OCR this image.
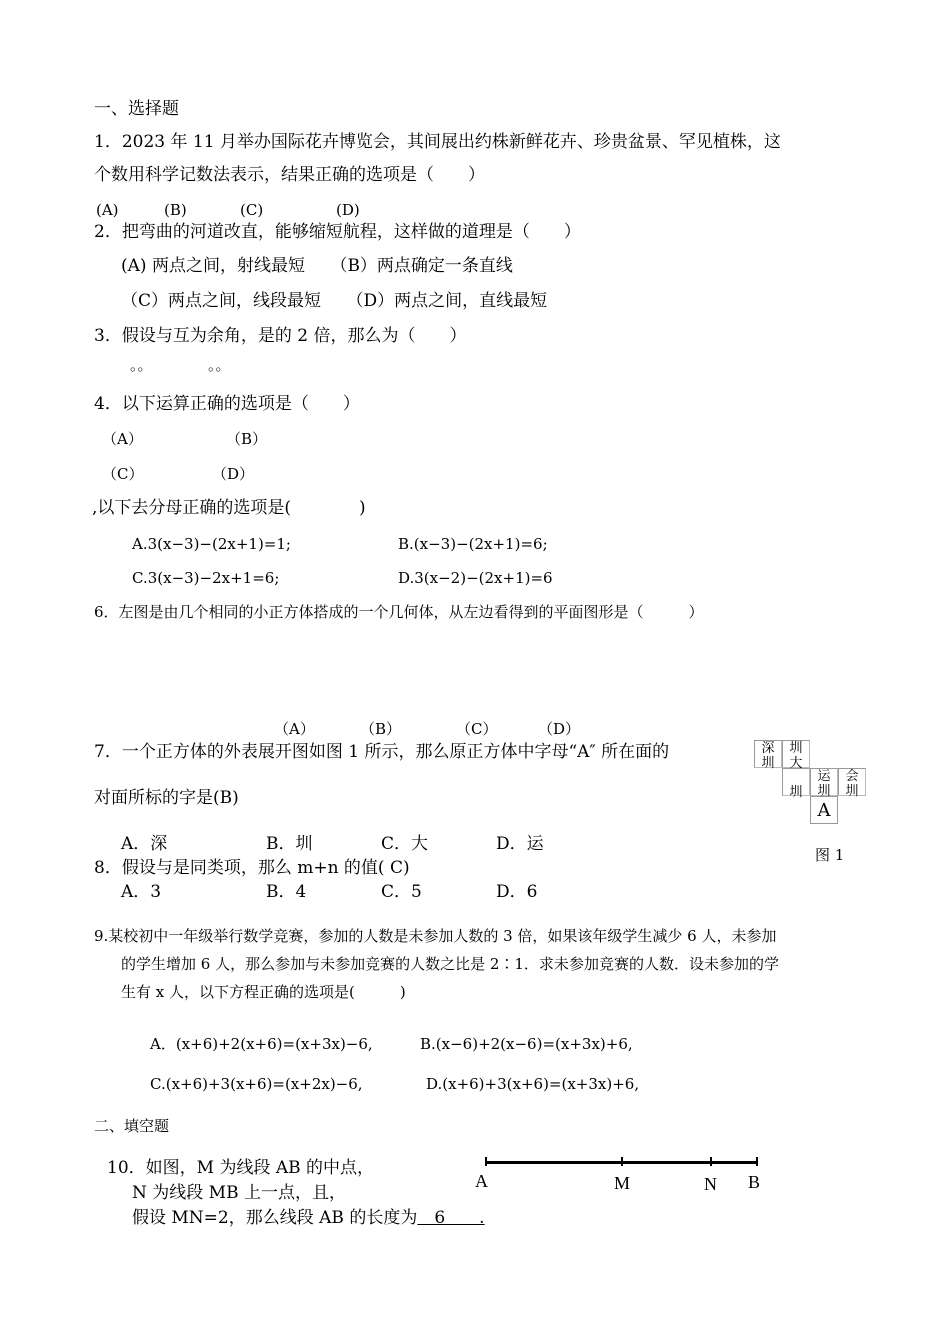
一、选择题
1．2023 年 11 月举办国际花卉博览会，其间展出约株新鲜花卉、珍贵盆景、罕见植株，这
个数用科学记数法表示，结果正确的选项是（　　）
(A)	(B)	(C)	(D)
2．把弯曲的河道改直，能够缩短航程，这样做的道理是（　　）
(A) 两点之间，射线最短　　（B）两点确定一条直线
（C）两点之间，线段最短　　（D）两点之间，直线最短
3．假设与互为余角，是的 2 倍，那么为（　　）
。。	。。
4．以下运算正确的选项是（　　）
（A）	（B）
（C）	（D）
,以下去分母正确的选项是(　　　　)
A.3(x−3)−(2x+1)=1;	B.(x−3)−(2x+1)=6;
C.3(x−3)−2x+1=6;	D.3(x−2)−(2x+1)=6
6．左图是由几个相同的小正方体搭成的一个几何体，从左边看得到的平面图形是（　　　）
（A）	（B）	（C）	（D）
7．一个正方体的外表展开图如图 1 所示，那么原正方体中字母“A″ 所在面的
对面所标的字是(B)
A．深	B．圳	C．大	D．运
深
圳
圳
大
圳
运
圳
会
圳
A
图 1
8．假设与是同类项，那么 m+n 的值( C)
A．3	B．4	C．5	D．6
9.某校初中一年级举行数学竞赛，参加的人数是未参加人数的 3 倍，如果该年级学生减少 6 人，未参加
的学生增加 6 人，那么参加与未参加竞赛的人数之比是 2∶1．求未参加竞赛的人数．设未参加的学
生有 x 人，以下方程正确的选项是(　　　)
A．(x+6)+2(x+6)=(x+3x)−6,	B.(x−6)+2(x−6)=(x+3x)+6,
C.(x+6)+3(x+6)=(x+2x)−6,	D.(x+6)+3(x+6)=(x+3x)+6,
二、填空题
10．如图，M 为线段 AB 的中点，
N 为线段 MB 上一点，且，
假设 MN=2，那么线段 AB 的长度为　6　　.
A	M	N B
